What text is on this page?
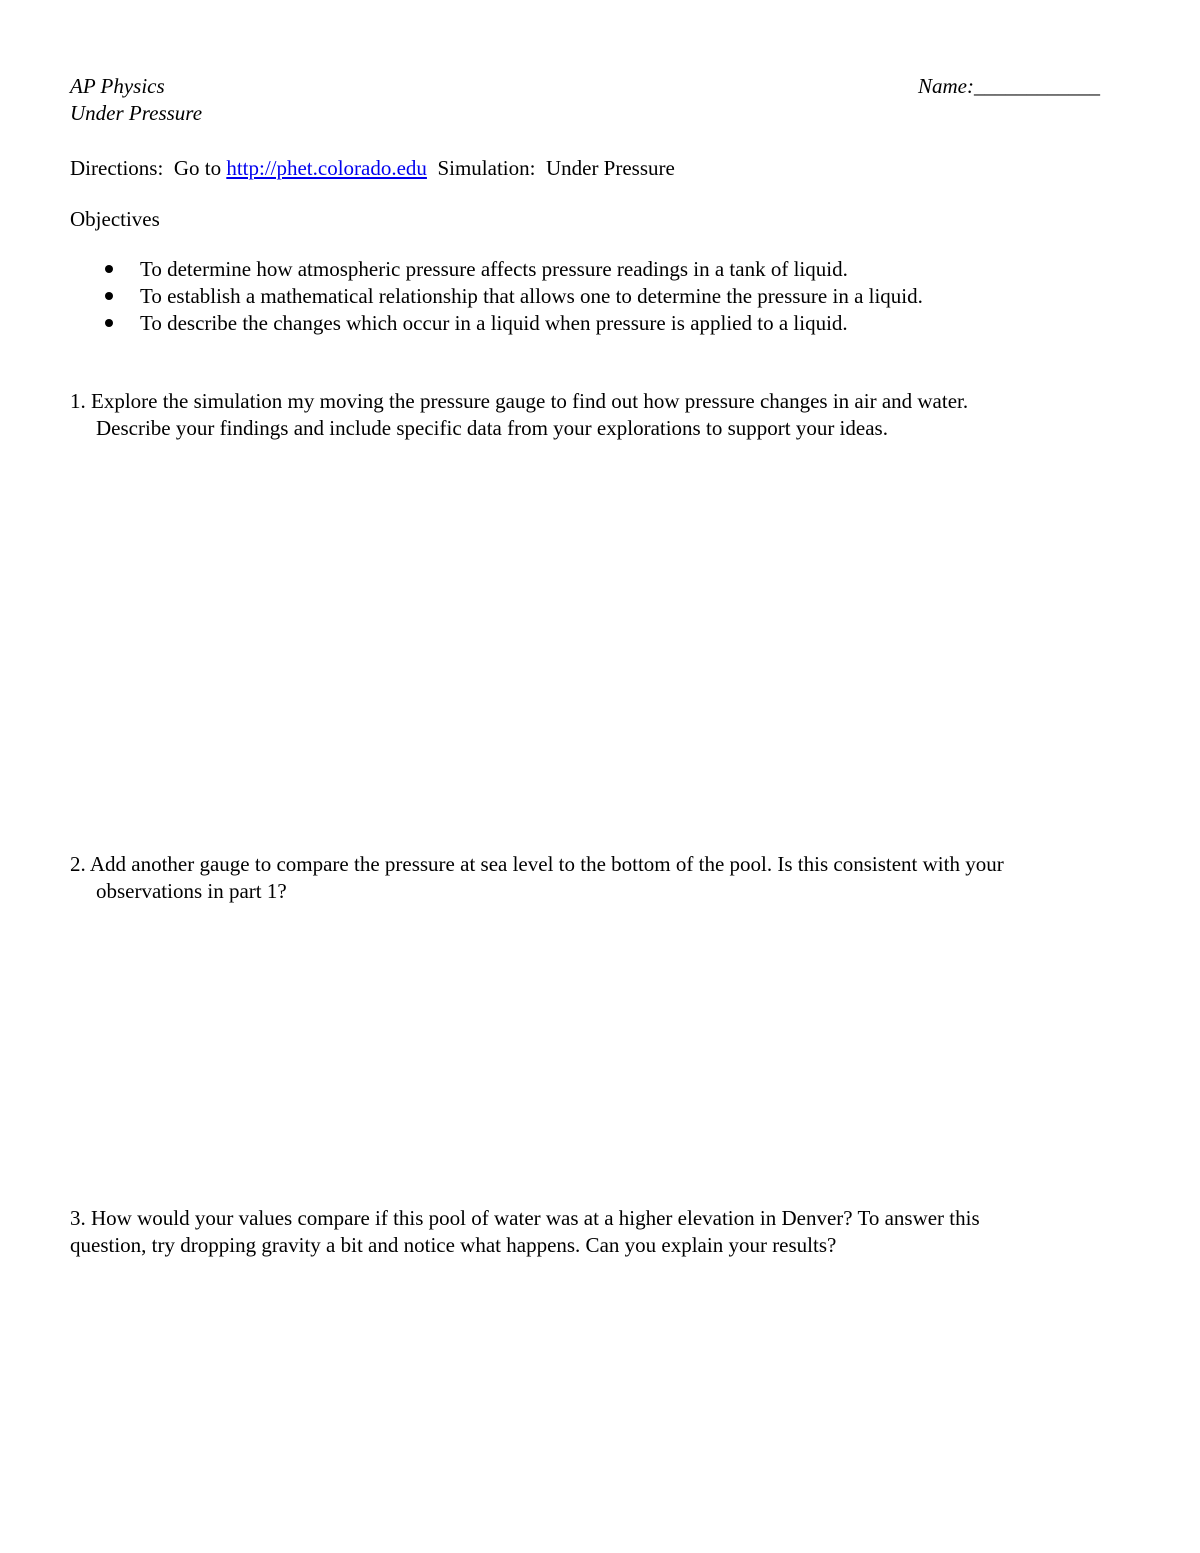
AP Physics
Under Pressure
Name:____________
Directions: Go to http://phet.colorado.edu Simulation: Under Pressure
Objectives
To determine how atmospheric pressure affects pressure readings in a tank of liquid.
To establish a mathematical relationship that allows one to determine the pressure in a liquid.
To describe the changes which occur in a liquid when pressure is applied to a liquid.
1. Explore the simulation my moving the pressure gauge to find out how pressure changes in air and water.
Describe your findings and include specific data from your explorations to support your ideas.
2. Add another gauge to compare the pressure at sea level to the bottom of the pool. Is this consistent with your
observations in part 1?
3. How would your values compare if this pool of water was at a higher elevation in Denver? To answer this
question, try dropping gravity a bit and notice what happens. Can you explain your results?
